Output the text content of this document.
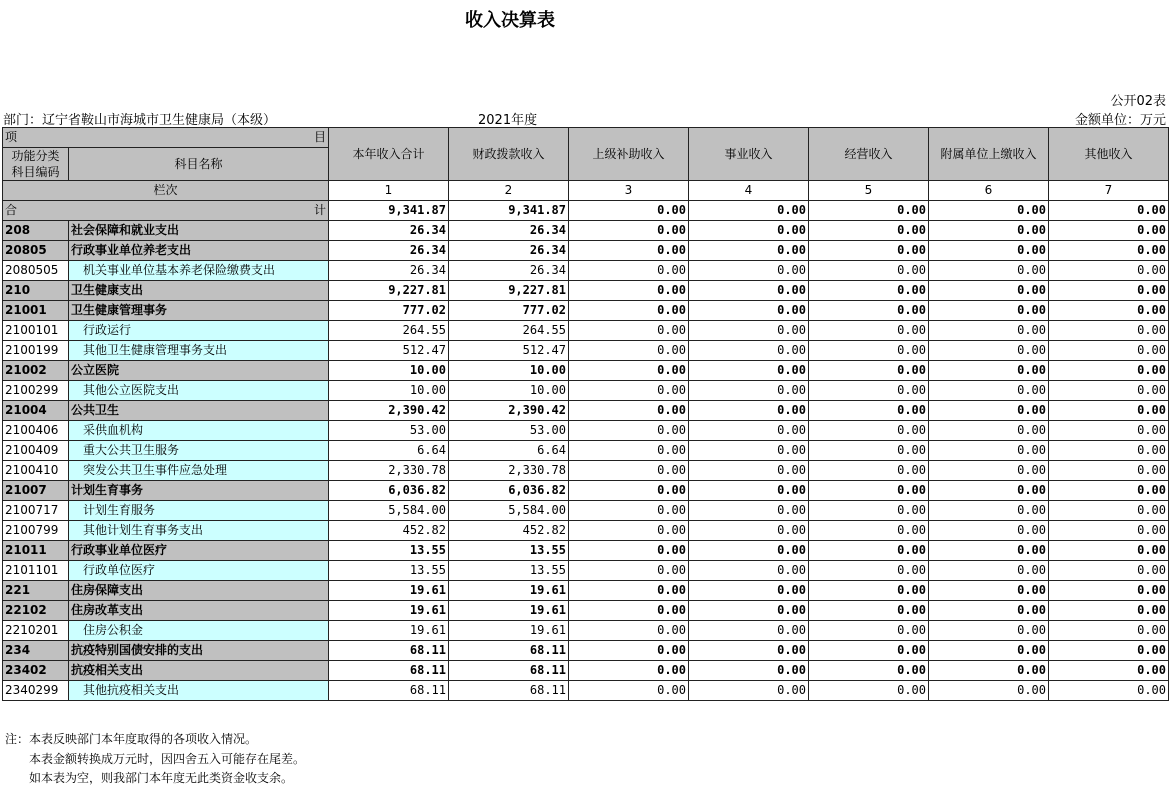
收入决算表
公开02表
部门：辽宁省鞍山市海城市卫生健康局（本级）	2021年度	金额单位：万元
项 目		本年收入合计	财政拨款收入	上级补助收入	事业收入	经营收入	附属单位上缴收入	其他收入
功能分类
科目编码	科目名称							

栏次		1	2	3	4	5	6	7
合 计		9,341.87	9,341.87	0.00	0.00	0.00	0.00	0.00
208	社会保障和就业支出	26.34	26.34	0.00	0.00	0.00	0.00	0.00
20805	行政事业单位养老支出	26.34	26.34	0.00	0.00	0.00	0.00	0.00
2080505	机关事业单位基本养老保险缴费支出	26.34	26.34	0.00	0.00	0.00	0.00	0.00
210	卫生健康支出	9,227.81	9,227.81	0.00	0.00	0.00	0.00	0.00
21001	卫生健康管理事务	777.02	777.02	0.00	0.00	0.00	0.00	0.00
2100101	行政运行	264.55	264.55	0.00	0.00	0.00	0.00	0.00
2100199	其他卫生健康管理事务支出	512.47	512.47	0.00	0.00	0.00	0.00	0.00
21002	公立医院	10.00	10.00	0.00	0.00	0.00	0.00	0.00
2100299	其他公立医院支出	10.00	10.00	0.00	0.00	0.00	0.00	0.00
21004	公共卫生	2,390.42	2,390.42	0.00	0.00	0.00	0.00	0.00
2100406	采供血机构	53.00	53.00	0.00	0.00	0.00	0.00	0.00
2100409	重大公共卫生服务	6.64	6.64	0.00	0.00	0.00	0.00	0.00
2100410	突发公共卫生事件应急处理	2,330.78	2,330.78	0.00	0.00	0.00	0.00	0.00
21007	计划生育事务	6,036.82	6,036.82	0.00	0.00	0.00	0.00	0.00
2100717	计划生育服务	5,584.00	5,584.00	0.00	0.00	0.00	0.00	0.00
2100799	其他计划生育事务支出	452.82	452.82	0.00	0.00	0.00	0.00	0.00
21011	行政事业单位医疗	13.55	13.55	0.00	0.00	0.00	0.00	0.00
2101101	行政单位医疗	13.55	13.55	0.00	0.00	0.00	0.00	0.00
221	住房保障支出	19.61	19.61	0.00	0.00	0.00	0.00	0.00
22102	住房改革支出	19.61	19.61	0.00	0.00	0.00	0.00	0.00
2210201	住房公积金	19.61	19.61	0.00	0.00	0.00	0.00	0.00
234	抗疫特别国债安排的支出	68.11	68.11	0.00	0.00	0.00	0.00	0.00
23402	抗疫相关支出	68.11	68.11	0.00	0.00	0.00	0.00	0.00
2340299	其他抗疫相关支出	68.11	68.11	0.00	0.00	0.00	0.00	0.00
注：本表反映部门本年度取得的各项收入情况。
　　本表金额转换成万元时，因四舍五入可能存在尾差。
　　如本表为空，则我部门本年度无此类资金收支余。
